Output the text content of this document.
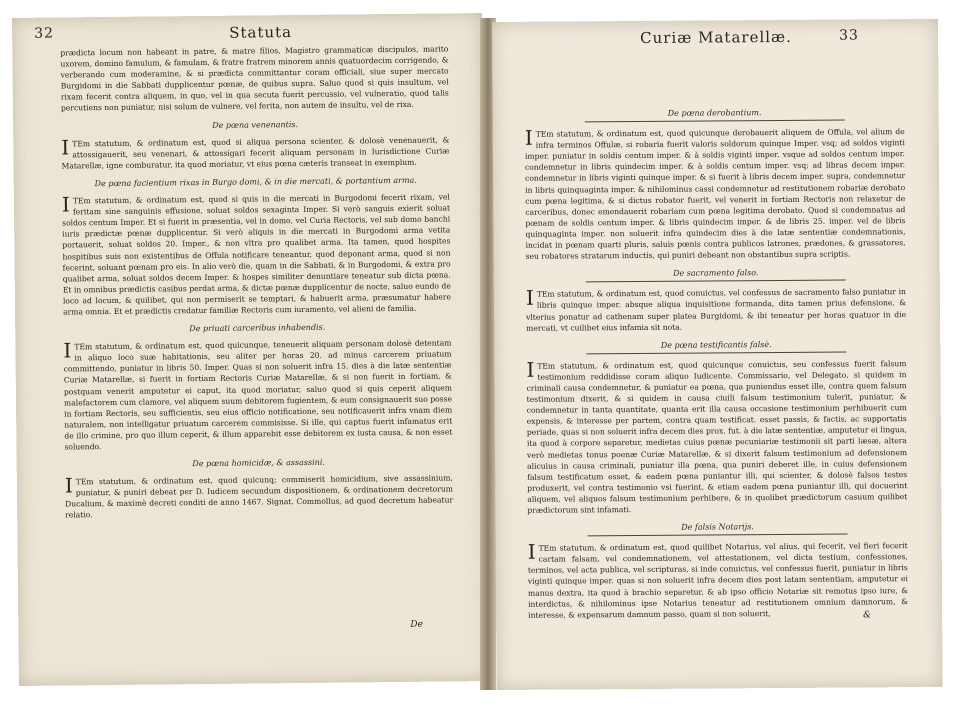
32	Statuta

prædicta locum non habeant in patre, & matre filios, Magistro grammaticæ discipulos, marito uxorem, domino famulum, & famulam, & fratre fratrem minorem annis quatuordecim corrigendo, & verberando cum moderamine, & si prædicta committantur coram officiali, siue super mercato Burgidomi in die Sabbati dupplicentur pœnæ, de quibus supra. Saluo quod si quis insultum, vel rixam fecerit contra aliquem, in quo, vel in qua secuta fuerit percussio, vel vulneratio, quod talis percutiens non puniatur, nisi solum de vulnere, vel ferita, non autem de insultu, vel de rixa.

De pœna venenantis.

I TEm statutum, & ordinatum est, quod si aliqua persona scienter, & dolosè venenauerit, & attossigauerit, seu venenari, & attossigari fecerit aliquam personam in Iurisdictione Curiæ Matarellæ, igne comburatur, ita quod moriatur, vt eius pœna cæteris transeat in exemplum.

De pœna facientium rixas in Burgo domi, & in die mercati, & portantium arma.

I TEm statutum, & ordinatum est, quod si quis in die mercati in Burgodomi fecerit rixam, vel feritam sine sanguinis effusione, soluat soldos sexaginta Imper. Si verò sanguis exierit soluat soldos centum Imper. Et si fuerit in præsentia, vel in domo, vel Curia Rectoris, vel sub domo banchi iuris prædictæ pœnæ dupplicentur. Si verò aliquis in die mercati in Burgodomi arma vetita portauerit, soluat soldos 20. Imper., & non vltra pro qualibet arma. Ita tamen, quod hospites hospitibus suis non existentibus de Offula notificare teneantur, quod deponant arma, quod si non fecerint, soluant pœnam pro eis. In alio verò die, quam in die Sabbati, & in Burgodomi, & extra pro qualibet arma, soluat soldos decem Imper. & hospes similiter denuntiare teneatur sub dicta pœna. Et in omnibus prædictis casibus perdat arma, & dictæ pœnæ dupplicentur de nocte, saluo eundo de loco ad locum, & quilibet, qui non permiserit se temptari, & habuerit arma, præsumatur habere arma omnia. Et et prædictis credatur familiæ Rectoris cum iuramento, vel alieni de familia.

De priuati carceribus inhabendis.

I TEm statutum, & ordinatum est, quod quicunque, teneuerit aliquam personam dolosè detentam in aliquo loco suæ habitationis, seu aliter per horas 20. ad minus carcerem priuatum committendo, puniatur in libris 50. Imper. Quas si non soluerit infra 15. dies à die latæ sententiæ Curiæ Matarellæ, si fuerit in fortiam Rectoris Curiæ Matarellæ, & si non fuerit in fortiam, & postquam venerit amputetur ei caput, ita quod moriatur, saluo quod si quis ceperit aliquem malefactorem cum clamore, vel aliquem suum debitorem fugientem, & eum consignauerit suo posse in fortiam Rectoris, seu sufficientis, seu eius officio notificatione, seu notificauerit infra vnam diem naturalem, non intelligatur priuatum carcerem commisisse. Si ille, qui captus fuerit infamatus erit de illo crimine, pro quo illum ceperit, & illum apparebit esse debitorem ex iusta causa, & non esset soluendo.

De pœna homicidæ, & assassini.

I TEm statutum, & ordinatum est, quod quicunq; commiserit homicidium, sive assassinium, puniatur, & puniri debeat per D. Iudicem secundum dispositionem, & ordinationem decretorum Ducalium, & maximè decreti conditi de anno 1467. Signat. Commollus, ad quod decretum habeatur relatio.

De
Curiæ Matarellæ.	33
De pœna derobantium.

I TEm statutum, & ordinatum est, quod quicunque derobauerit aliquem de Offula, vel alium de infra terminos Offulæ, si robaria fuerit valoris soldorum quinque Imper. vsq; ad soldos viginti imper. puniatur in soldis centum imper. & à soldis viginti imper. vsque ad soldos centum imper. condemnetur in libris quindecim imper. & à soldis centum imper. vsq; ad libras decem imper. condemnetur in libris viginti quinque imper. & si fuerit à libris decem imper. supra, condemnetur in libris quinquaginta imper. & nihilominus cassi condemnetur ad restitutionem robariæ derobato cum pœna legitima, & si dictus robator fuerit, vel venerit in fortiam Rectoris non relaxetur de carceribus, donec emendauerit robariam cum pœna legitima derobato. Quod si condemnatus ad pœnam de soldis centum imper. & libris quindecim imper. & de libris 25. imper. vel de libris quinquaginta imper. non soluerit infra quindecim dies à die latæ sententiæ condemnationis, incidat in pœnam quarti pluris, saluis pœnis contra publicos latrones, prædones, & grassatores, seu robatores stratarum inductis, qui puniri debeant non obstantibus supra scriptis.

De sacramento falso.

I TEm statutum, & ordinatum est, quod conuictus, vel confessus de sacramento falso puniatur in libris quinque imper. absque aliqua inquisitione formanda, dita tamen prius defensione, & vlterius ponatur ad cathenam super platea Burgidomi, & ibi teneatur per horas quatuor in die mercati, vt cuilibet eius infamia sit nota.

De pœna testificantis falsè.

I TEm statutum, & ordinatum est, quod quicunque conuictus, seu confessus fuerit falsum testimonium reddidisse coram aliquo Iudicente. Commissario, vel Delegato, si quidem in criminali causa condemnetur, & puniatur ea pœna, qua puniendus esset ille, contra quem falsum testimonium dixerit, & si quidem in causa ciuili falsum testimonium tulerit, puniatur, & condemnetur in tanta quantitate, quanta erit illa causa occasione testimonium perhibuerit cum expensis, & interesse per partem, contra quam testificat. esset passis, & factis, ac supportatis periade, quas si non soluerit infra decem dies prox. fut. à die latæ sententiæ, amputetur ei lingua, ita quod à corpore separetur, medietas cuius pœnæ pecuniariæ testimonii sit parti læsæ, altera verò medietas tonus poenæ Curiæ Matarellæ, & si dixerit falsum testimonium ad defensionem alicuius in causa criminali, puniatur illa pœna, qua puniri deberet ille, in cuius defensionem falsum testificatum esset, & eadem pœna puniantur illi, qui scienter, & dolosè falsos testes produxerit, vel contra testimonio vsi fuerint, & etiam eadem pœna puniantur illi, qui docuerint aliquem, vel aliquos falsum testimonium perhibere, & in quolibet prædictorum casuum quilibet prædictorum sint infamati.

De falsis Notarijs.

I TEm statutum, & ordinatum est, quod quilibet Notarius, vel alius, qui fecerit, vel fieri fecerit cartam falsam, vel condemnationem, vel attestationem, vel dicta testium, confessiones, terminos, vel acta publica, vel scripturas, si inde conuictus, vel confessus fuerit, puniatur in libris viginti quinque imper. quas si non soluerit infra decem dies post latam sententiam, amputetur ei manus dextra, ita quod à brachio separetur, & ab ipso officio Notariæ sit remotus ipso iure, & interdictus, & nihilominus ipse Notarius teneatur ad restitutionem omnium damnorum, & interesse, & expensarum damnum passo, quam si non soluerit,	&
